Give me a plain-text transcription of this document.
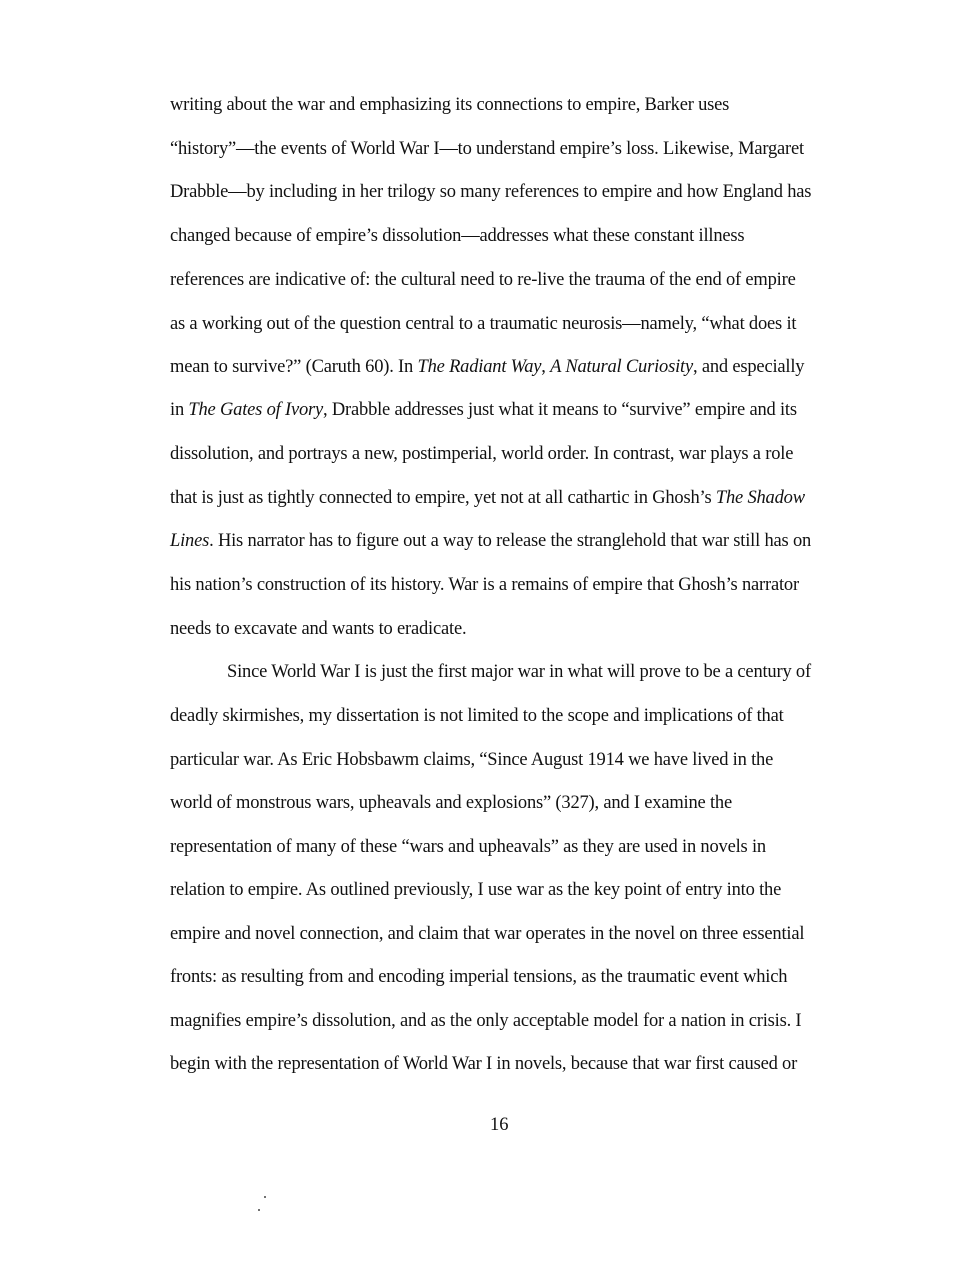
writing about the war and emphasizing its connections to empire, Barker uses
“history”—the events of World War I—to understand empire’s loss. Likewise, Margaret
Drabble—by including in her trilogy so many references to empire and how England has
changed because of empire’s dissolution—addresses what these constant illness
references are indicative of: the cultural need to re-live the trauma of the end of empire
as a working out of the question central to a traumatic neurosis—namely, “what does it
mean to survive?” (Caruth 60). In The Radiant Way, A Natural Curiosity, and especially
in The Gates of Ivory, Drabble addresses just what it means to “survive” empire and its
dissolution, and portrays a new, postimperial, world order. In contrast, war plays a role
that is just as tightly connected to empire, yet not at all cathartic in Ghosh’s The Shadow
Lines. His narrator has to figure out a way to release the stranglehold that war still has on
his nation’s construction of its history. War is a remains of empire that Ghosh’s narrator
needs to excavate and wants to eradicate.
Since World War I is just the first major war in what will prove to be a century of
deadly skirmishes, my dissertation is not limited to the scope and implications of that
particular war. As Eric Hobsbawm claims, “Since August 1914 we have lived in the
world of monstrous wars, upheavals and explosions” (327), and I examine the
representation of many of these “wars and upheavals” as they are used in novels in
relation to empire. As outlined previously, I use war as the key point of entry into the
empire and novel connection, and claim that war operates in the novel on three essential
fronts: as resulting from and encoding imperial tensions, as the traumatic event which
magnifies empire’s dissolution, and as the only acceptable model for a nation in crisis. I
begin with the representation of World War I in novels, because that war first caused or
16
